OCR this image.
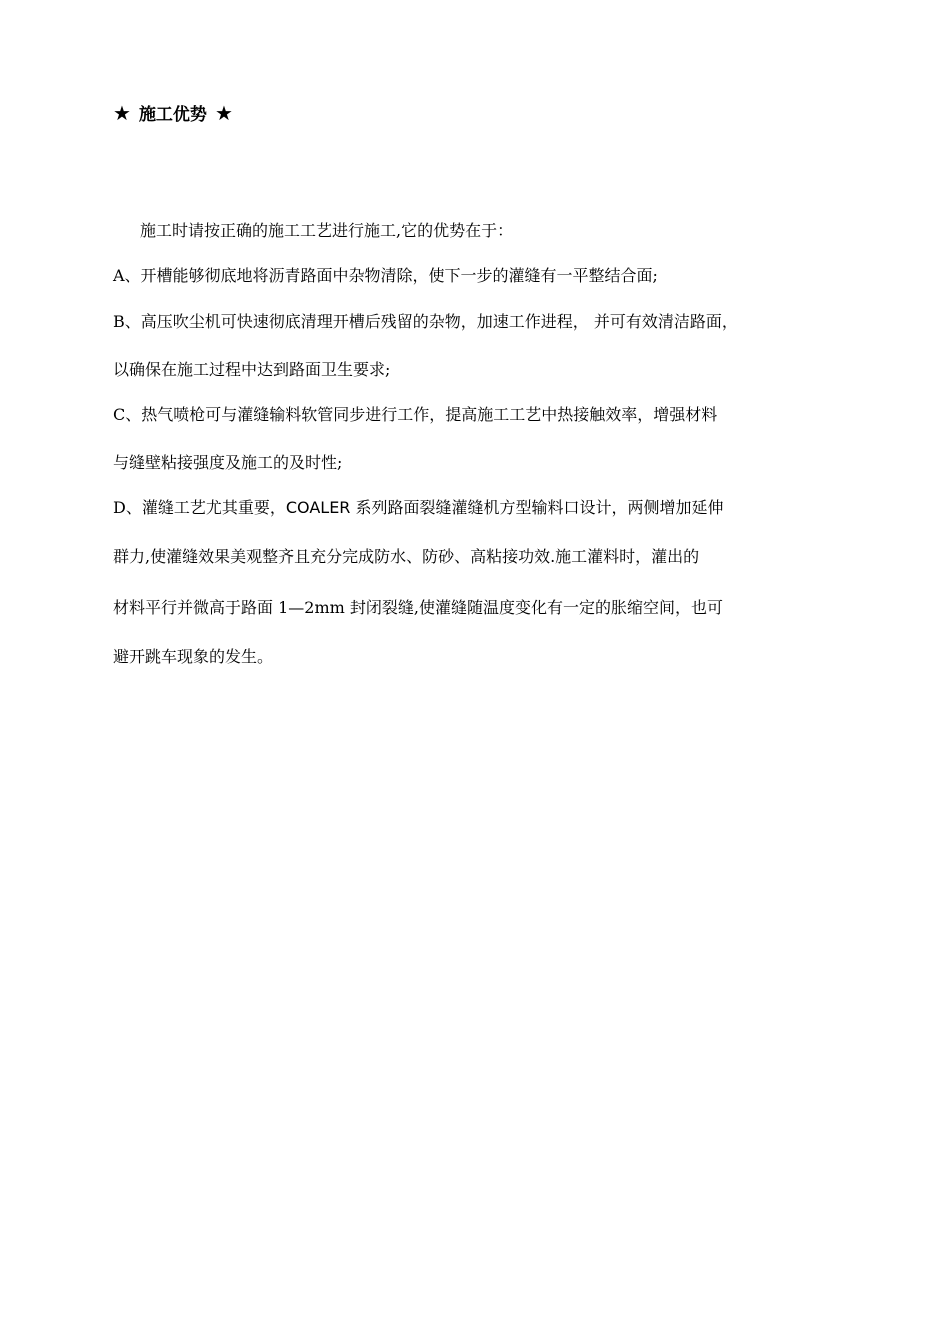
★ 施工优势 ★
施工时请按正确的施工工艺进行施工,它的优势在于：
A、开槽能够彻底地将沥青路面中杂物清除，使下一步的灌缝有一平整结合面;
B、高压吹尘机可快速彻底清理开槽后残留的杂物，加速工作进程， 并可有效清洁路面，
以确保在施工过程中达到路面卫生要求;
C、热气喷枪可与灌缝输料软管同步进行工作，提高施工工艺中热接触效率，增强材料
与缝壁粘接强度及施工的及时性;
D、灌缝工艺尤其重要，COALER 系列路面裂缝灌缝机方型输料口设计，两侧增加延伸
群力,使灌缝效果美观整齐且充分完成防水、防砂、高粘接功效.施工灌料时，灌出的
材料平行并微高于路面 1—2mm 封闭裂缝,使灌缝随温度变化有一定的胀缩空间，也可
避开跳车现象的发生。
